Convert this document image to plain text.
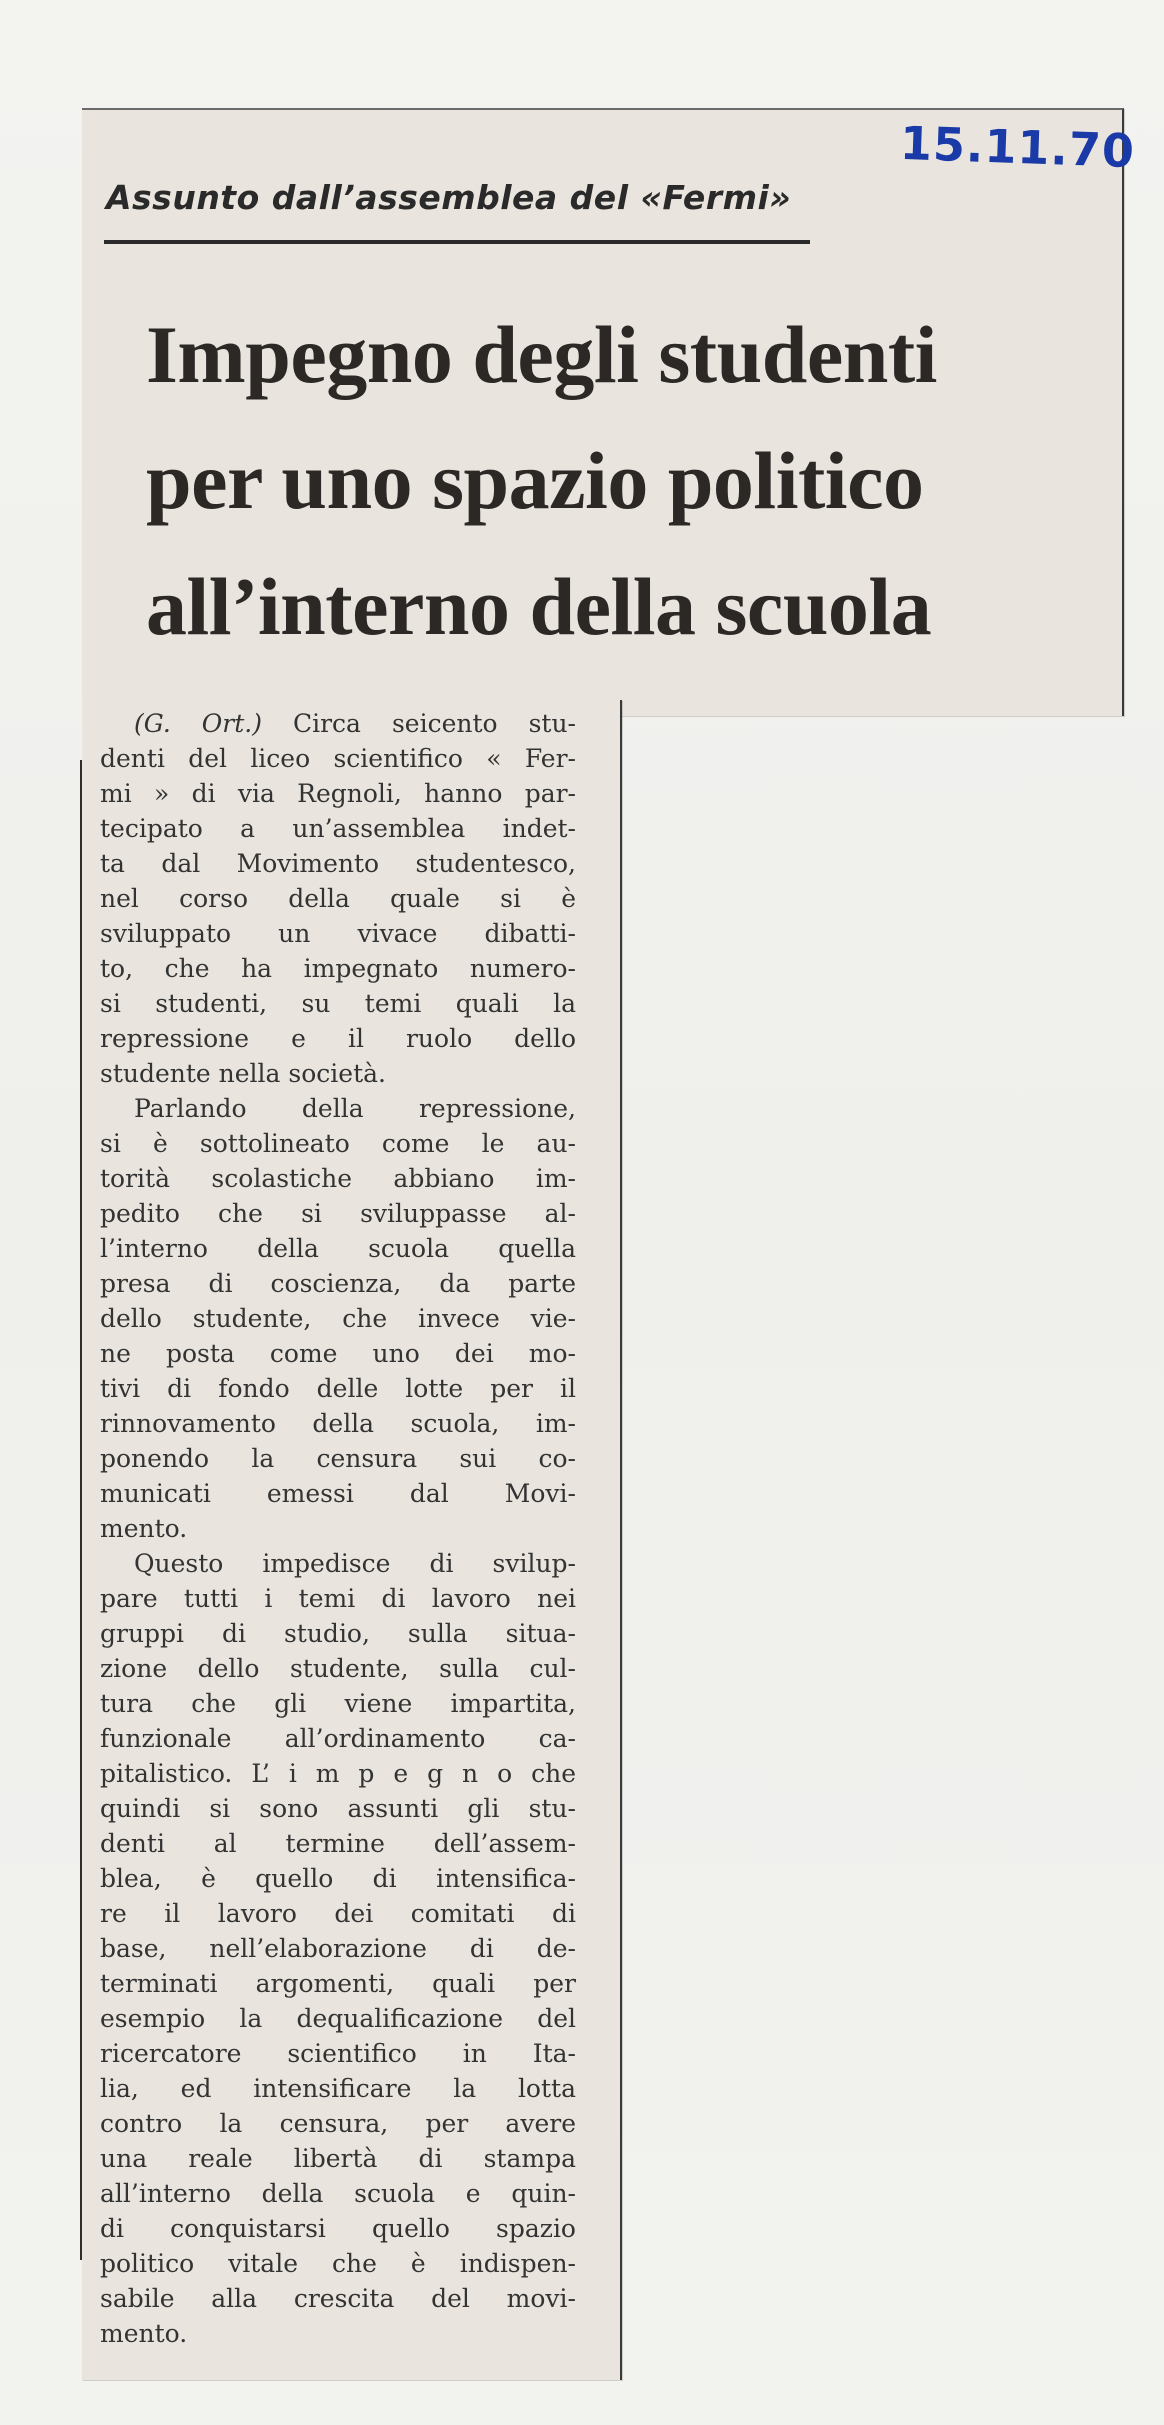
15.11.70
Assunto dall’assemblea del «Fermi»
Impegno degli studenti
per uno spazio politico
all’interno della scuola

(G. Ort.) Circa seicento stu-
denti del liceo scientifico « Fer-
mi » di via Regnoli, hanno par-
tecipato a un’assemblea indet-
ta dal Movimento studentesco,
nel corso della quale si è
sviluppato un vivace dibatti-
to, che ha impegnato numero-
si studenti, su temi quali la
repressione e il ruolo dello
studente nella società.

Parlando della repressione,
si è sottolineato come le au-
torità scolastiche abbiano im-
pedito che si sviluppasse al-
l’interno della scuola quella
presa di coscienza, da parte
dello studente, che invece vie-
ne posta come uno dei mo-
tivi di fondo delle lotte per il
rinnovamento della scuola, im-
ponendo la censura sui co-
municati emessi dal Movi-
mento.

Questo impedisce di svilup-
pare tutti i temi di lavoro nei
gruppi di studio, sulla situa-
zione dello studente, sulla cul-
tura che gli viene impartita,
funzionale all’ordinamento ca-
pitalistico. L’ i m p e g n o che
quindi si sono assunti gli stu-
denti al termine dell’assem-
blea, è quello di intensifica-
re il lavoro dei comitati di
base, nell’elaborazione di de-
terminati argomenti, quali per
esempio la dequalificazione del
ricercatore scientifico in Ita-
lia, ed intensificare la lotta
contro la censura, per avere
una reale libertà di stampa
all’interno della scuola e quin-
di conquistarsi quello spazio
politico vitale che è indispen-
sabile alla crescita del movi-
mento.
